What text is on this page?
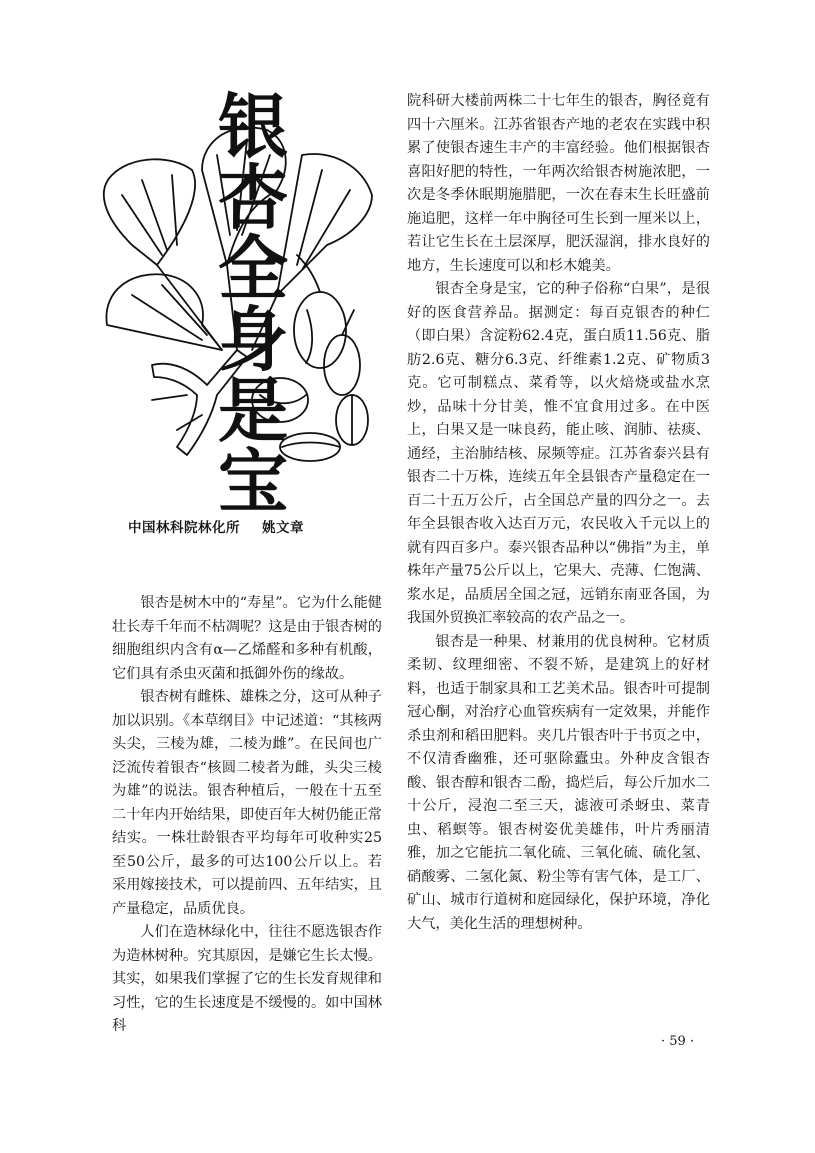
银
杏
全
身
是
宝
中国林科院林化所 姚文章

银杏是树木中的“寿星”。它为什么能健壮长寿千年而不枯凋呢？这是由于银杏树的细胞组织内含有α—乙烯醛和多种有机酸，它们具有杀虫灭菌和抵御外伤的缘故。

银杏树有雌株、雄株之分，这可从种子加以识别。《本草纲目》中记述道：“其核两头尖，三棱为雄，二棱为雌”。在民间也广泛流传着银杏“核圆二棱者为雌，头尖三棱为雄”的说法。银杏种植后，一般在十五至二十年内开始结果，即使百年大树仍能正常结实。一株壮龄银杏平均每年可收种实25至50公斤，最多的可达100公斤以上。若采用嫁接技术，可以提前四、五年结实，且产量稳定，品质优良。

人们在造林绿化中，往往不愿选银杏作为造林树种。究其原因，是嫌它生长太慢。其实，如果我们掌握了它的生长发育规律和习性，它的生长速度是不缓慢的。如中国林科

院科研大楼前两株二十七年生的银杏，胸径竟有四十六厘米。江苏省银杏产地的老农在实践中积累了使银杏速生丰产的丰富经验。他们根据银杏喜阳好肥的特性，一年两次给银杏树施浓肥，一次是冬季休眠期施腊肥，一次在春末生长旺盛前施追肥，这样一年中胸径可生长到一厘米以上，若让它生长在土层深厚，肥沃湿润，排水良好的地方，生长速度可以和杉木媲美。

银杏全身是宝，它的种子俗称“白果”，是很好的医食营养品。据测定：每百克银杏的种仁（即白果）含淀粉62.4克，蛋白质11.56克、脂肪2.6克、糖分6.3克、纤维素1.2克、矿物质3克。它可制糕点、菜肴等，以火焙烧或盐水烹炒，品味十分甘美，惟不宜食用过多。在中医上，白果又是一味良药，能止咳、润肺、祛痰、通经，主治肺结核、尿频等症。江苏省泰兴县有银杏二十万株，连续五年全县银杏产量稳定在一百二十五万公斤，占全国总产量的四分之一。去年全县银杏收入达百万元，农民收入千元以上的就有四百多户。泰兴银杏品种以“佛指”为主，单株年产量75公斤以上，它果大、壳薄、仁饱满、浆水足，品质居全国之冠，远销东南亚各国，为我国外贸换汇率较高的农产品之一。

银杏是一种果、材兼用的优良树种。它材质柔韧、纹理细密、不裂不矫，是建筑上的好材料，也适于制家具和工艺美术品。银杏叶可提制冠心酮，对治疗心血管疾病有一定效果，并能作杀虫剂和稻田肥料。夹几片银杏叶于书页之中，不仅清香幽雅，还可驱除蠹虫。外种皮含银杏酸、银杏醇和银杏二酚，捣烂后，每公斤加水二十公斤，浸泡二至三天，滤液可杀蚜虫、菜青虫、稻螟等。银杏树姿优美雄伟，叶片秀丽清雅，加之它能抗二氧化硫、三氧化硫、硫化氢、硝酸雾、二氢化氮、粉尘等有害气体，是工厂、矿山、城市行道树和庭园绿化，保护环境，净化大气，美化生活的理想树种。

· 59 ·
